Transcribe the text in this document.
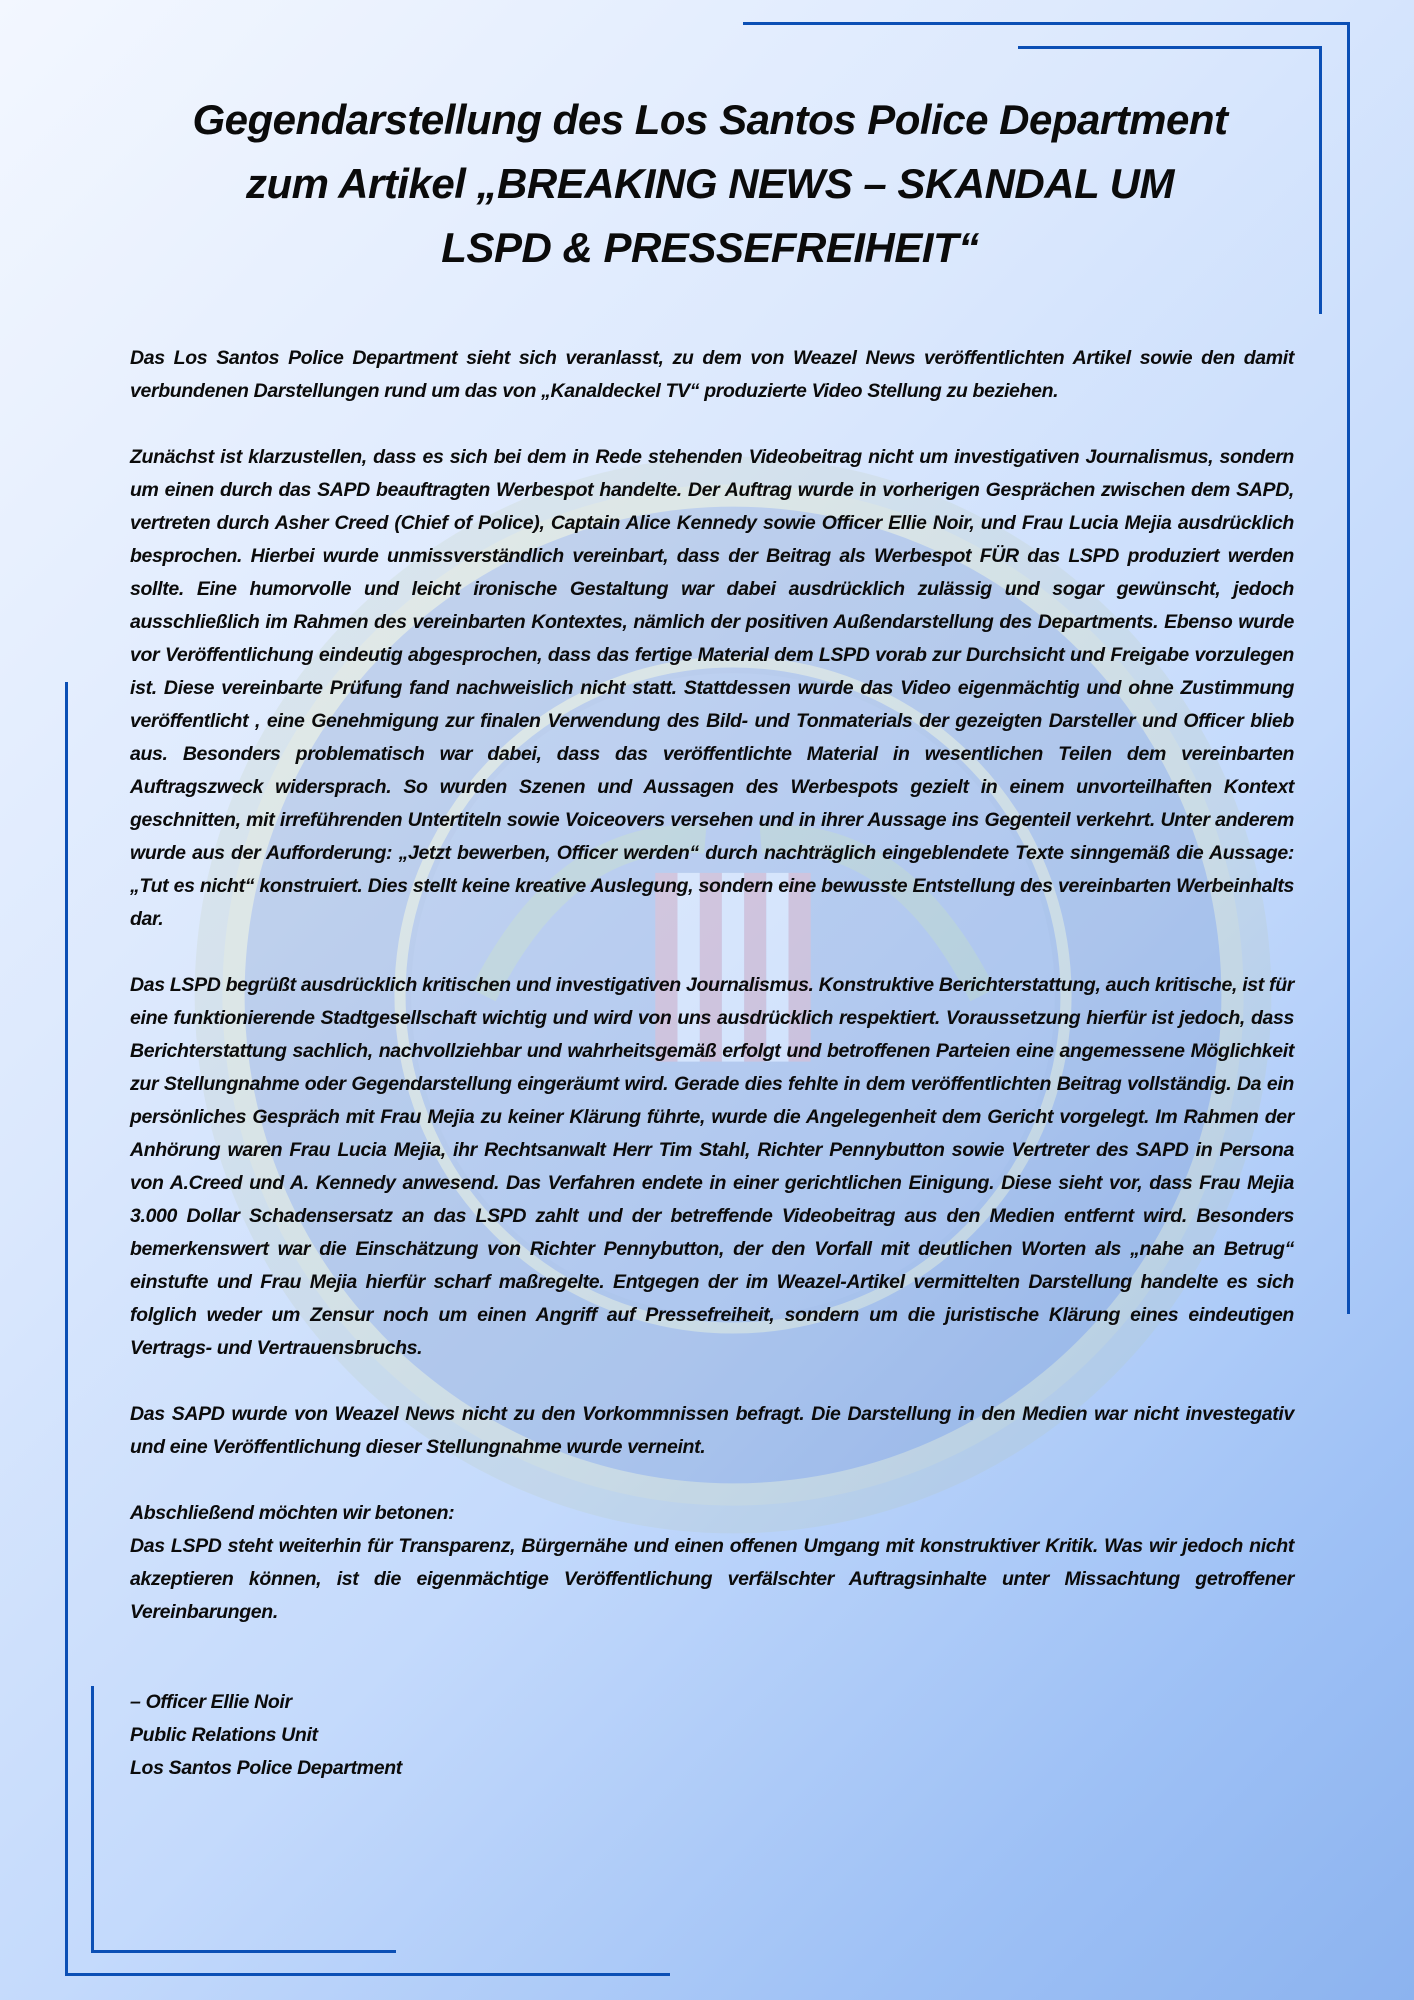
Gegendarstellung des Los Santos Police Department
zum Artikel „BREAKING NEWS – SKANDAL UM
LSPD & PRESSEFREIHEIT“

Das Los Santos Police Department sieht sich veranlasst, zu dem von Weazel News veröffentlichten Artikel sowie den damit verbundenen Darstellungen rund um das von „Kanaldeckel TV“ produzierte Video Stellung zu beziehen.

Zunächst ist klarzustellen, dass es sich bei dem in Rede stehenden Videobeitrag nicht um investigativen Journalismus, sondern um einen durch das SAPD beauftragten Werbespot handelte. Der Auftrag wurde in vorherigen Gesprächen zwischen dem SAPD, vertreten durch Asher Creed (Chief of Police), Captain Alice Kennedy sowie Officer Ellie Noir, und Frau Lucia Mejia ausdrücklich besprochen. Hierbei wurde unmissverständlich vereinbart, dass der Beitrag als Werbespot FÜR das LSPD produziert werden sollte. Eine humorvolle und leicht ironische Gestaltung war dabei ausdrücklich zulässig und sogar gewünscht, jedoch ausschließlich im Rahmen des vereinbarten Kontextes, nämlich der positiven Außendarstellung des Departments. Ebenso wurde vor Veröffentlichung eindeutig abgesprochen, dass das fertige Material dem LSPD vorab zur Durchsicht und Freigabe vorzulegen ist. Diese vereinbarte Prüfung fand nachweislich nicht statt. Stattdessen wurde das Video eigenmächtig und ohne Zustimmung veröffentlicht , eine Genehmigung zur finalen Verwendung des Bild- und Tonmaterials der gezeigten Darsteller und Officer blieb aus. Besonders problematisch war dabei, dass das veröffentlichte Material in wesentlichen Teilen dem vereinbarten Auftragszweck widersprach. So wurden Szenen und Aussagen des Werbespots gezielt in einem unvorteilhaften Kontext geschnitten, mit irreführenden Untertiteln sowie Voiceovers versehen und in ihrer Aussage ins Gegenteil verkehrt. Unter anderem wurde aus der Aufforderung: „Jetzt bewerben, Officer werden“ durch nachträglich eingeblendete Texte sinngemäß die Aussage: „Tut es nicht“ konstruiert. Dies stellt keine kreative Auslegung, sondern eine bewusste Entstellung des vereinbarten Werbeinhalts dar.

Das LSPD begrüßt ausdrücklich kritischen und investigativen Journalismus. Konstruktive Berichterstattung, auch kritische, ist für eine funktionierende Stadtgesellschaft wichtig und wird von uns ausdrücklich respektiert. Voraussetzung hierfür ist jedoch, dass Berichterstattung sachlich, nachvollziehbar und wahrheitsgemäß erfolgt und betroffenen Parteien eine angemessene Möglichkeit zur Stellungnahme oder Gegendarstellung eingeräumt wird. Gerade dies fehlte in dem veröffentlichten Beitrag vollständig. Da ein persönliches Gespräch mit Frau Mejia zu keiner Klärung führte, wurde die Angelegenheit dem Gericht vorgelegt. Im Rahmen der Anhörung waren Frau Lucia Mejia, ihr Rechtsanwalt Herr Tim Stahl, Richter Pennybutton sowie Vertreter des SAPD in Persona von A.Creed und A. Kennedy anwesend. Das Verfahren endete in einer gerichtlichen Einigung. Diese sieht vor, dass Frau Mejia 3.000 Dollar Schadensersatz an das LSPD zahlt und der betreffende Videobeitrag aus den Medien entfernt wird. Besonders bemerkenswert war die Einschätzung von Richter Pennybutton, der den Vorfall mit deutlichen Worten als „nahe an Betrug“ einstufte und Frau Mejia hierfür scharf maßregelte. Entgegen der im Weazel-Artikel vermittelten Darstellung handelte es sich folglich weder um Zensur noch um einen Angriff auf Pressefreiheit, sondern um die juristische Klärung eines eindeutigen Vertrags- und Vertrauensbruchs.

Das SAPD wurde von Weazel News nicht zu den Vorkommnissen befragt. Die Darstellung in den Medien war nicht investegativ und eine Veröffentlichung dieser Stellungnahme wurde verneint.

Abschließend möchten wir betonen:

Das LSPD steht weiterhin für Transparenz, Bürgernähe und einen offenen Umgang mit konstruktiver Kritik. Was wir jedoch nicht akzeptieren können, ist die eigenmächtige Veröffentlichung verfälschter Auftragsinhalte unter Missachtung getroffener Vereinbarungen.

– Officer Ellie Noir
Public Relations Unit
Los Santos Police Department
